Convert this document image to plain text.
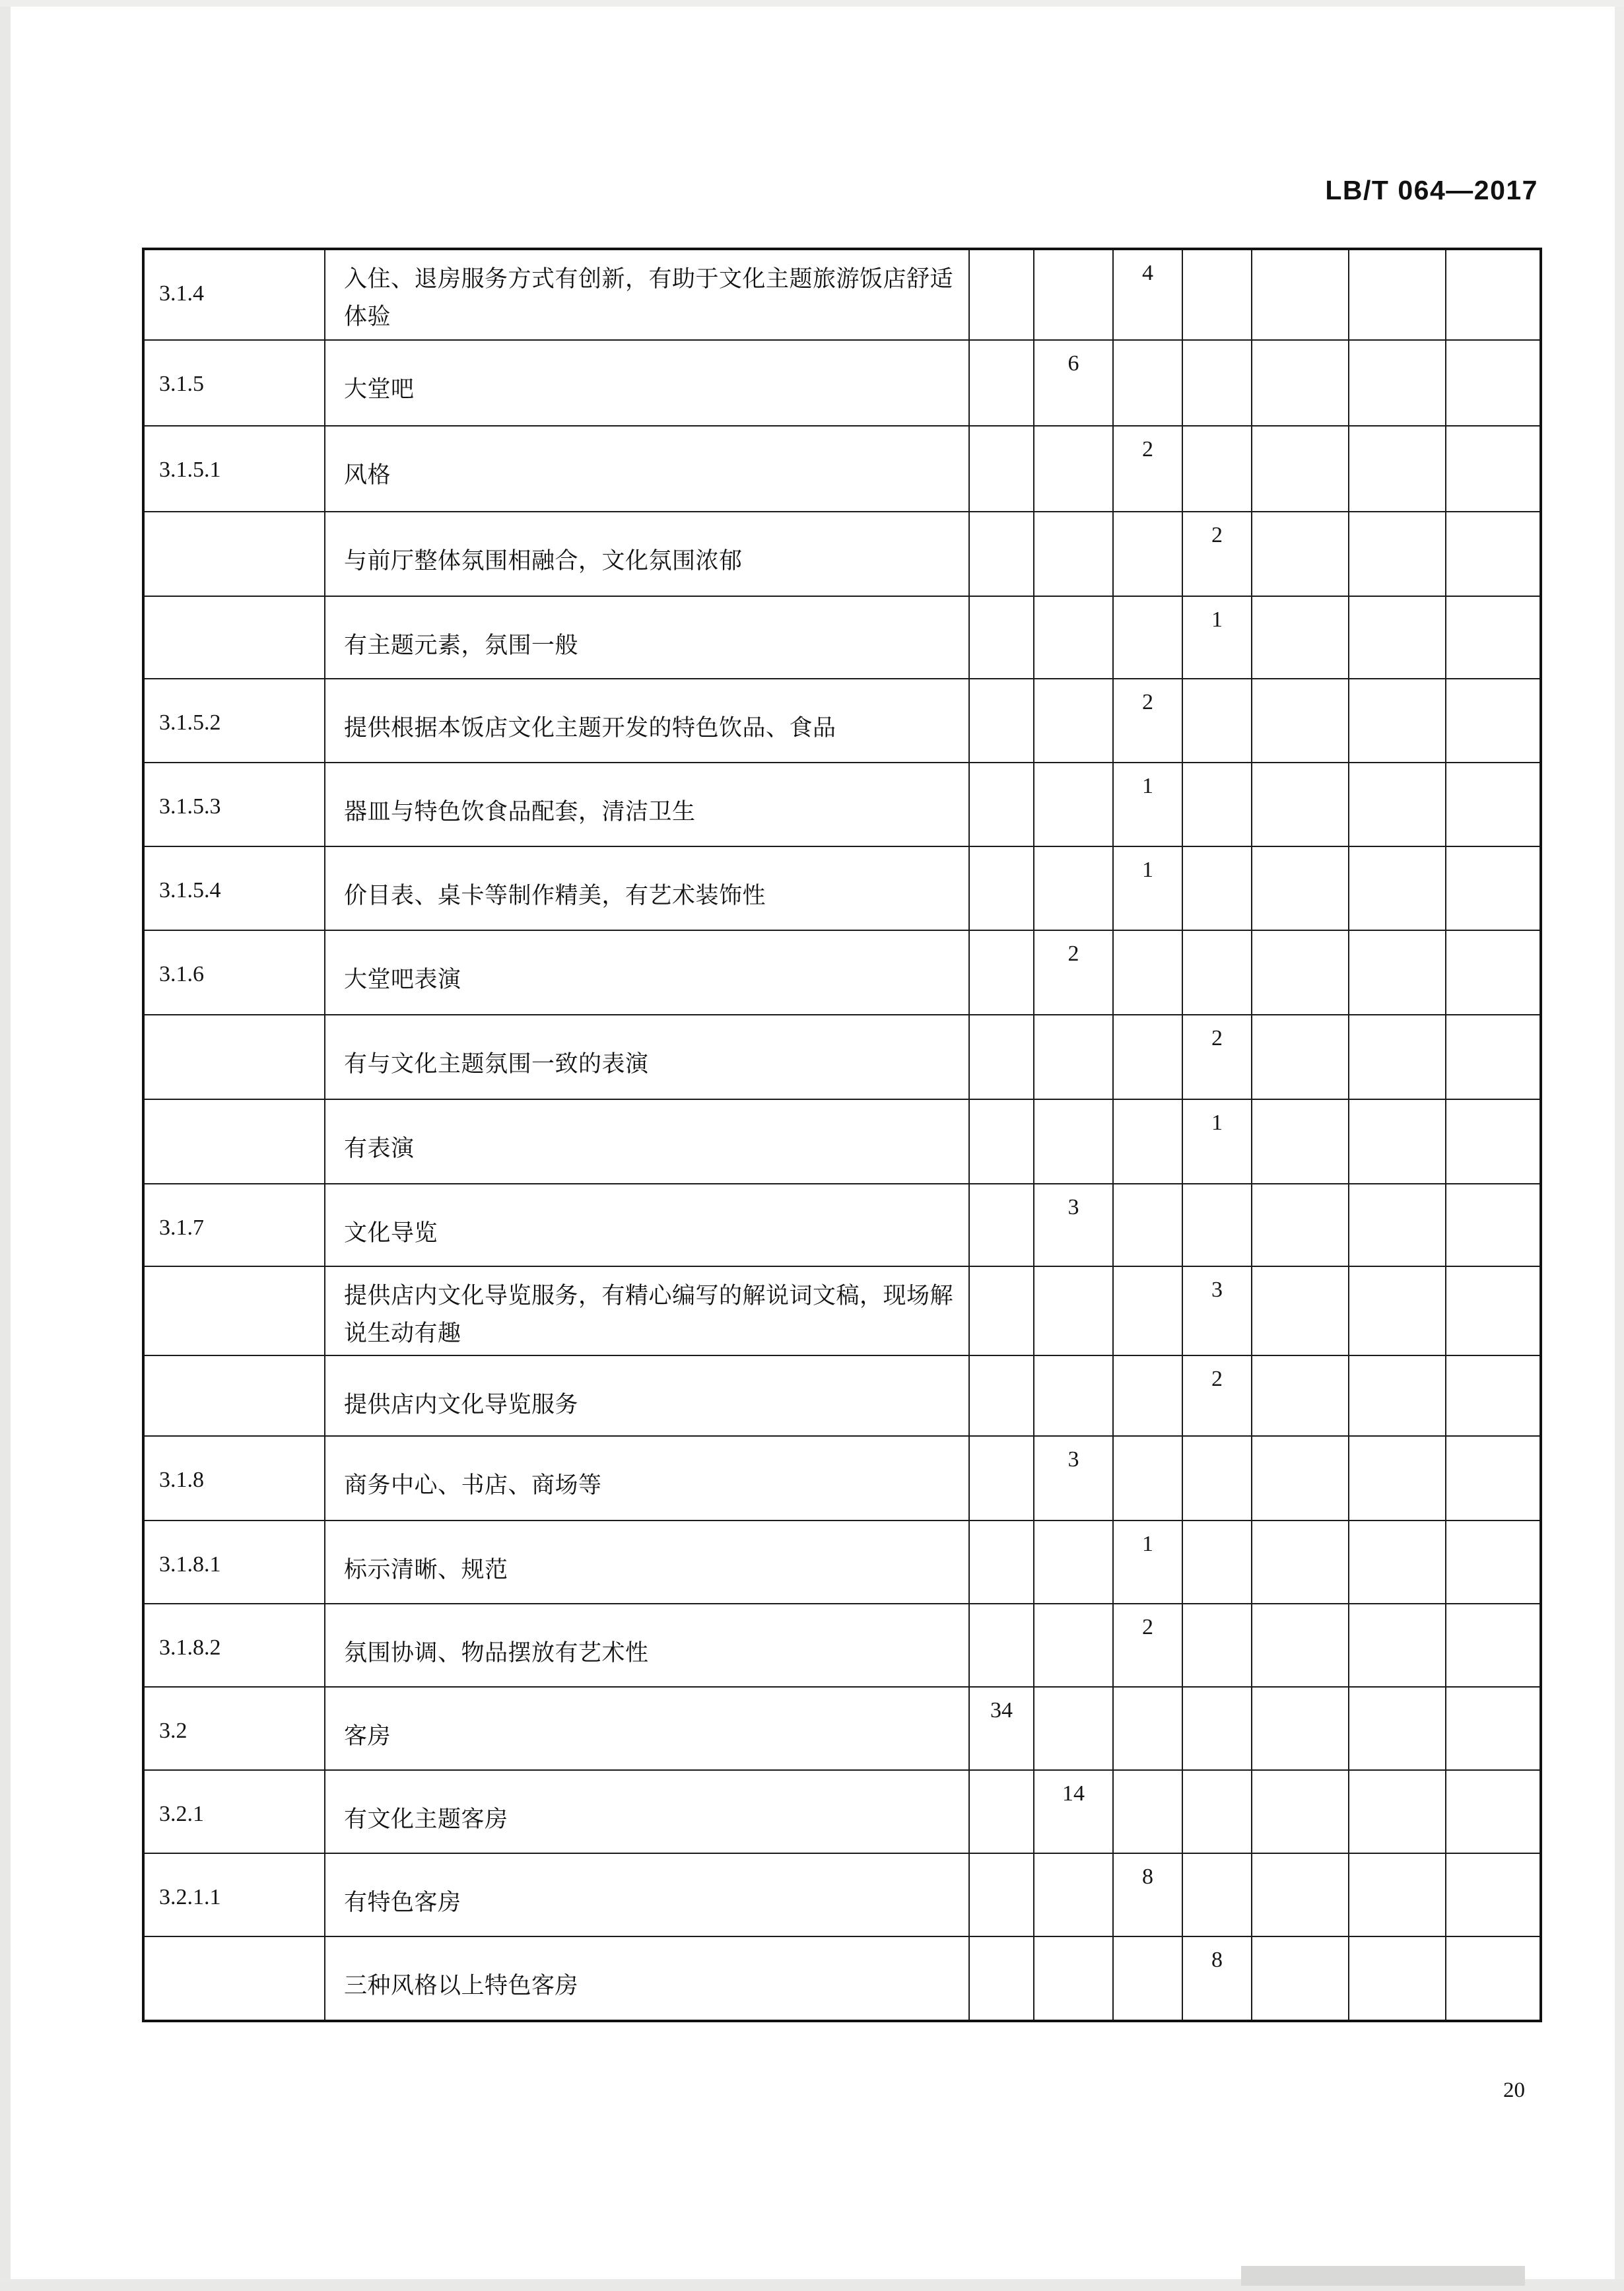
LB/T 064—2017
3.1.4	入住、退房服务方式有创新，有助于文化主题旅游饭店舒适体验			4				

3.1.5	大堂吧		6					

3.1.5.1	风格			2				

	与前厅整体氛围相融合，文化氛围浓郁				2			

	有主题元素，氛围一般				1			

3.1.5.2	提供根据本饭店文化主题开发的特色饮品、食品			2				

3.1.5.3	器皿与特色饮食品配套，清洁卫生			1				

3.1.5.4	价目表、桌卡等制作精美，有艺术装饰性			1				

3.1.6	大堂吧表演		2					

	有与文化主题氛围一致的表演				2			

	有表演				1			

3.1.7	文化导览		3					

	提供店内文化导览服务，有精心编写的解说词文稿，现场解说生动有趣				3			

	提供店内文化导览服务				2			

3.1.8	商务中心、书店、商场等		3					

3.1.8.1	标示清晰、规范			1				

3.1.8.2	氛围协调、物品摆放有艺术性			2				

3.2	客房	34						

3.2.1	有文化主题客房		14					

3.2.1.1	有特色客房			8				

	三种风格以上特色客房				8			

20
